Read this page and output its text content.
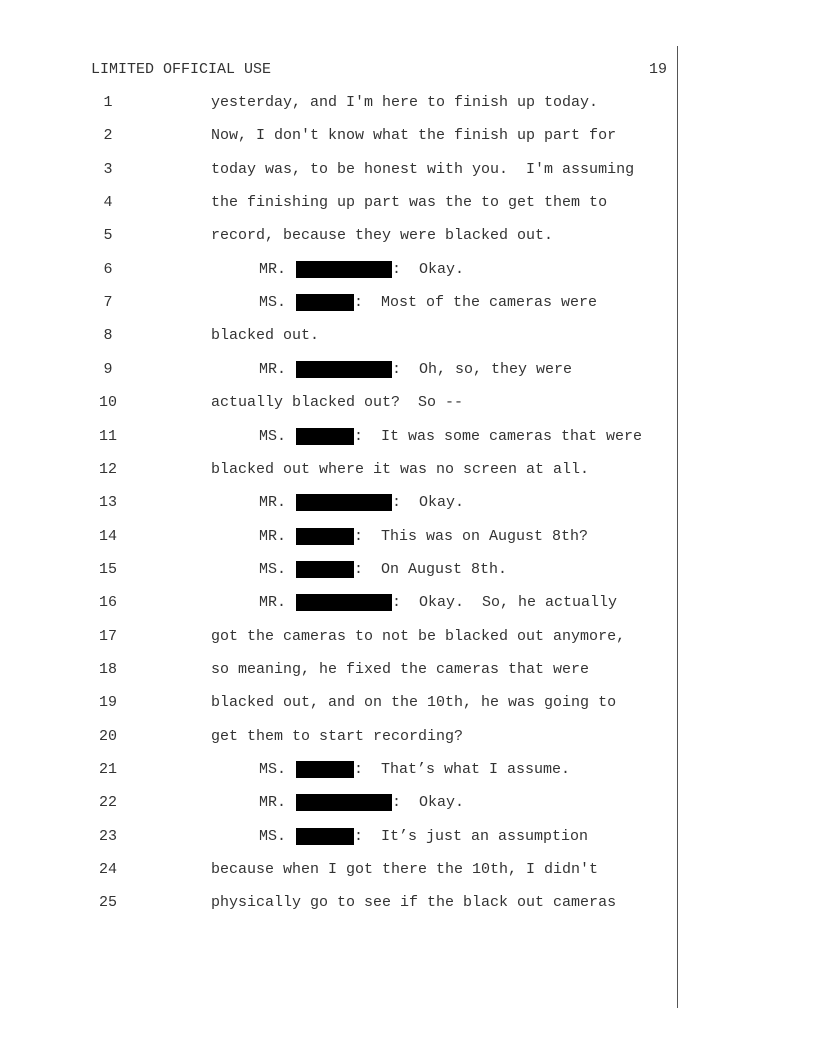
LIMITED OFFICIAL USE	19
1	yesterday, and I'm here to finish up today.
2	Now, I don't know what the finish up part for
3	today was, to be honest with you.  I'm assuming
4	the finishing up part was the to get them to
5	record, because they were blacked out.
6	MR.	:  Okay.
7	MS.	:  Most of the cameras were
8	blacked out.
9	MR.	:  Oh, so, they were
10	actually blacked out?  So --
11	MS.	:  It was some cameras that were
12	blacked out where it was no screen at all.
13	MR.	:  Okay.
14	MR.	:  This was on August 8th?
15	MS.	:  On August 8th.
16	MR.	:  Okay.  So, he actually
17	got the cameras to not be blacked out anymore,
18	so meaning, he fixed the cameras that were
19	blacked out, and on the 10th, he was going to
20	get them to start recording?
21	MS.	:  That’s what I assume.
22	MR.	:  Okay.
23	MS.	:  It’s just an assumption
24	because when I got there the 10th, I didn't
25	physically go to see if the black out cameras
